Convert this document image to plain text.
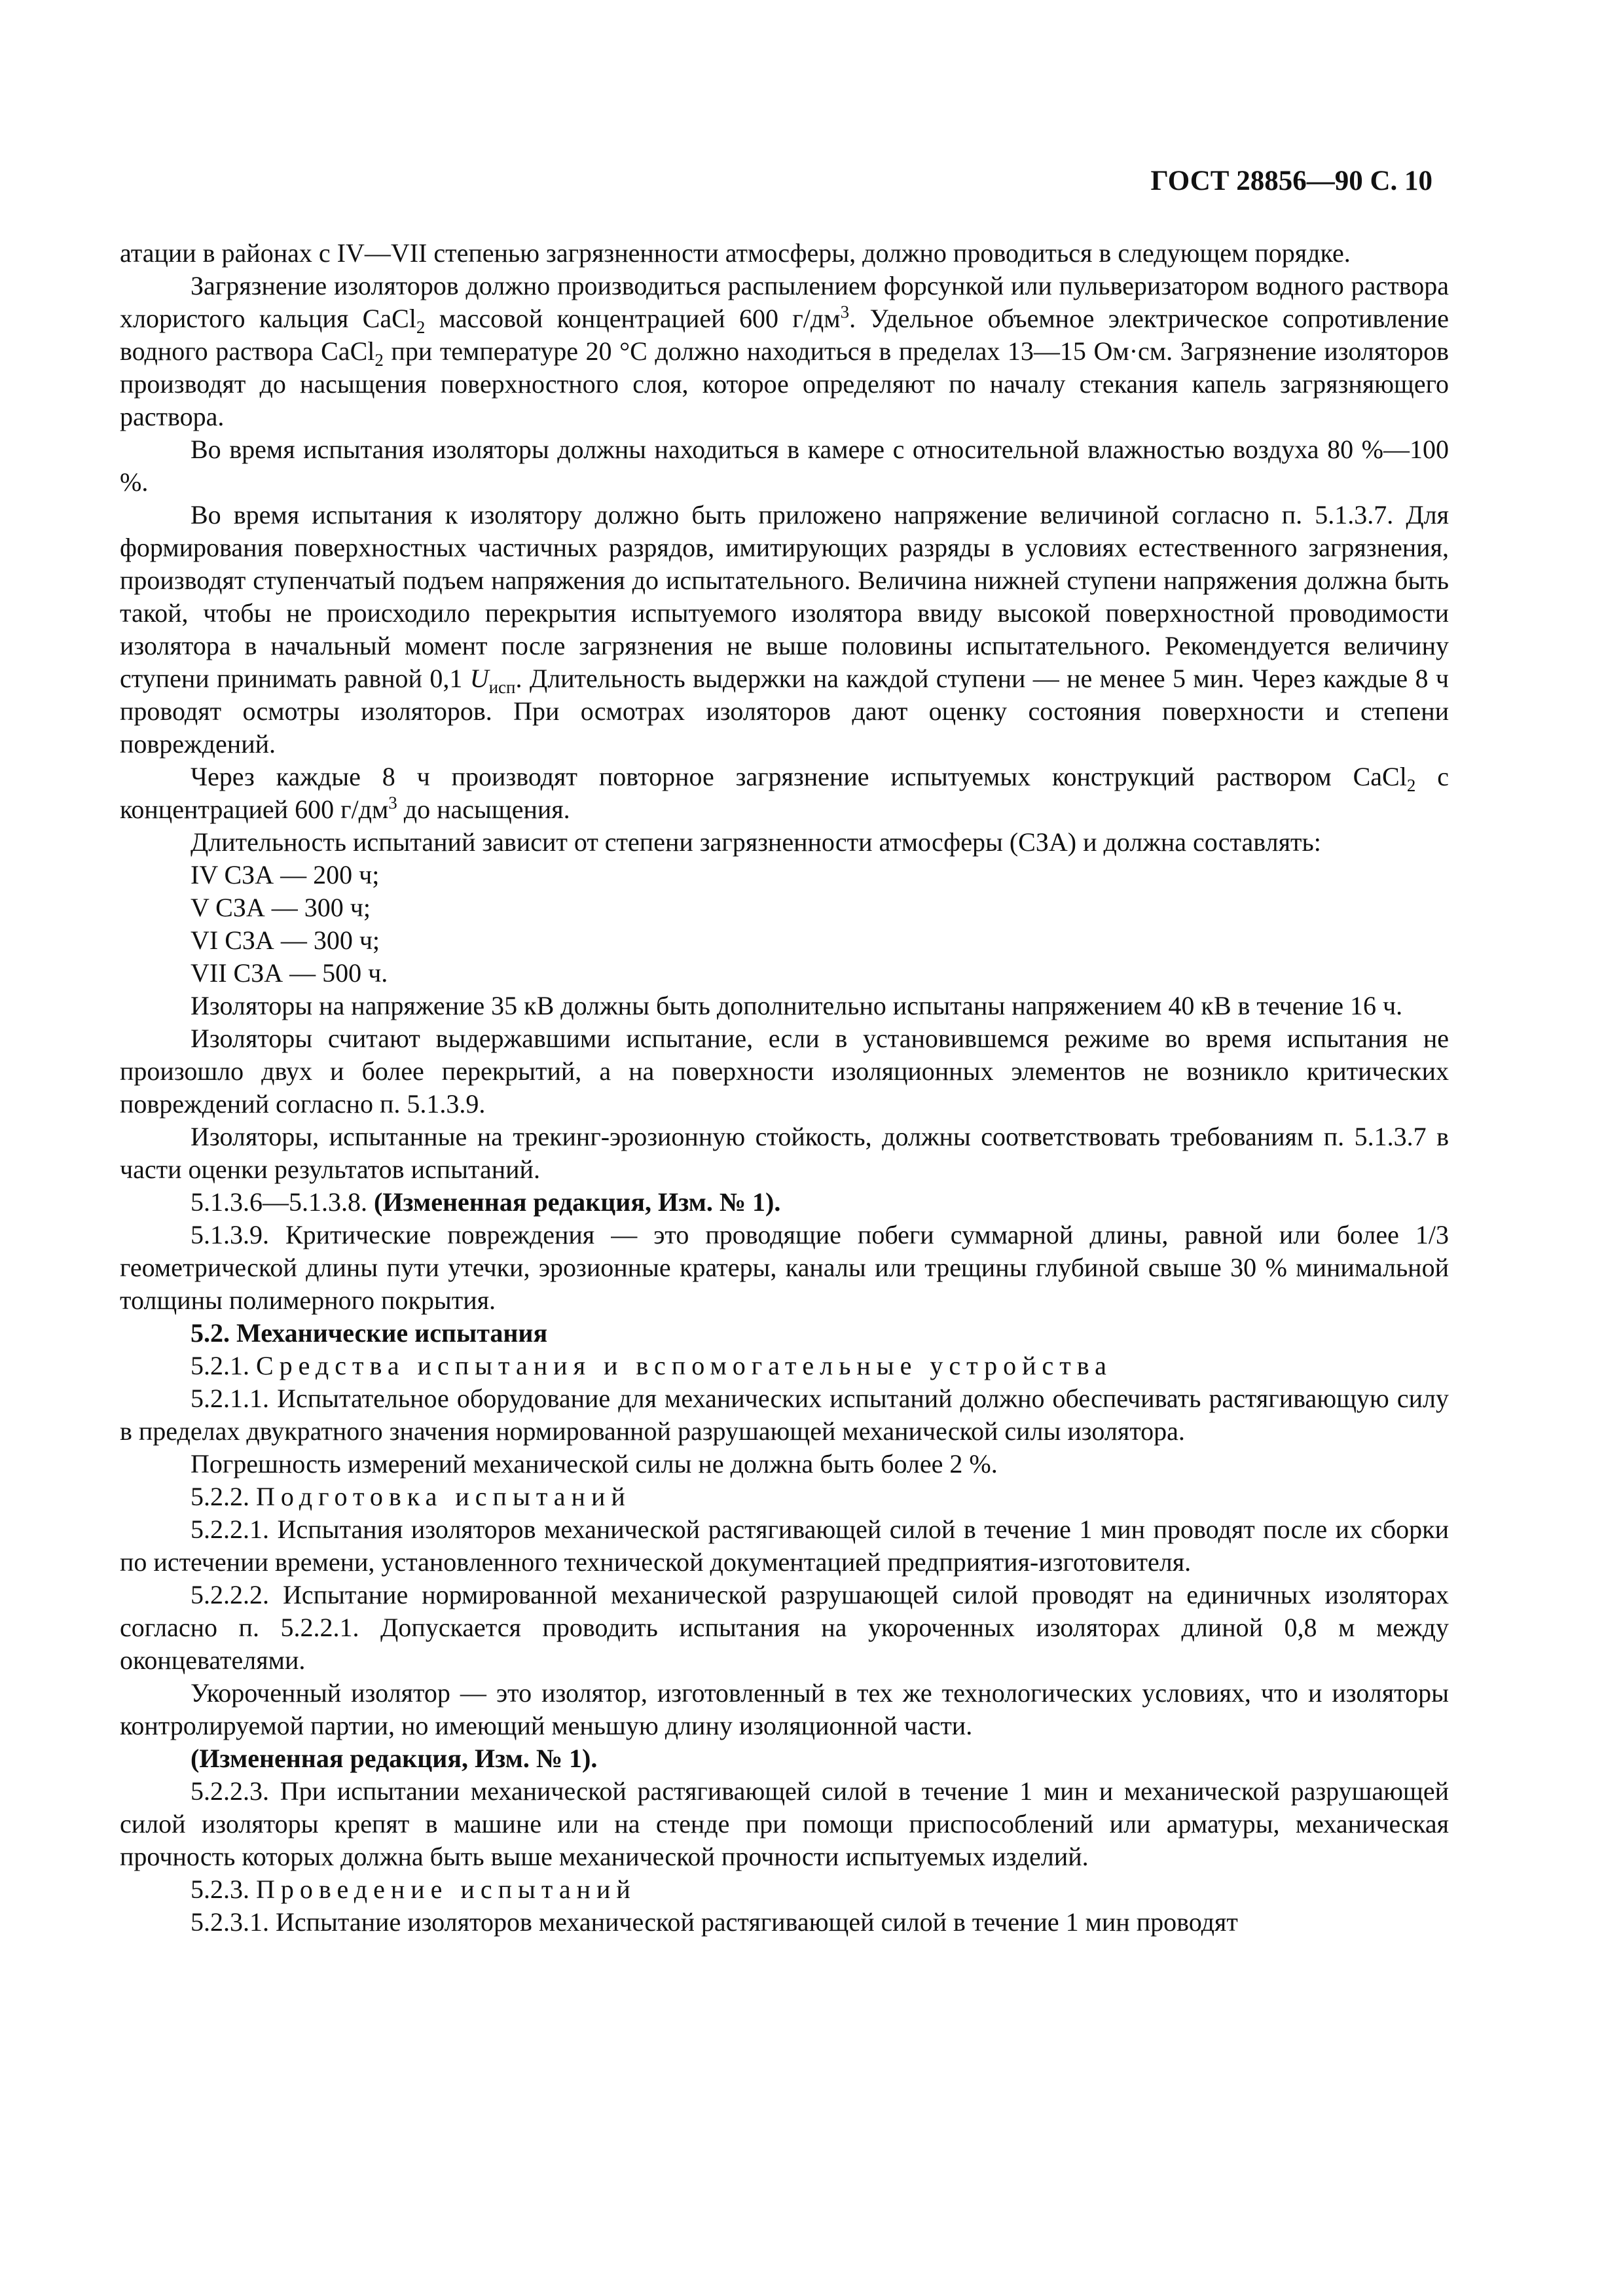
ГОСТ 28856—90 С. 10

атации в районах с IV—VII степенью загрязненности атмосферы, должно проводиться в следующем порядке.

Загрязнение изоляторов должно производиться распылением форсункой или пульверизатором водного раствора хлористого кальция CaCl$_2$ массовой концентрацией 600 $г/дм^3$. Удельное объемное электрическое сопротивление водного раствора CaCl$_2$ при температуре 20 °С должно находиться в пределах 13—15 Ом·см. Загрязнение изоляторов производят до насыщения поверхностного слоя, которое определяют по началу стекания капель загрязняющего раствора.

Во время испытания изоляторы должны находиться в камере с относительной влажностью воздуха 80 %—100 %.

Во время испытания к изолятору должно быть приложено напряжение величиной согласно п. 5.1.3.7. Для формирования поверхностных частичных разрядов, имитирующих разряды в условиях естественного загрязнения, производят ступенчатый подъем напряжения до испытательного. Величина нижней ступени напряжения должна быть такой, чтобы не происходило перекрытия испытуемого изолятора ввиду высокой поверхностной проводимости изолятора в начальный момент после загрязнения не выше половины испытательного. Рекомендуется величину ступени принимать равной 0,1 $U_{исп}$. Длительность выдержки на каждой ступени — не менее 5 мин. Через каждые 8 ч проводят осмотры изоляторов. При осмотрах изоляторов дают оценку состояния поверхности и степени повреждений.

Через каждые 8 ч производят повторное загрязнение испытуемых конструкций раствором CaCl$_2$ с концентрацией 600 $г/дм^3$ до насыщения.

Длительность испытаний зависит от степени загрязненности атмосферы (СЗА) и должна составлять:

IV СЗА — 200 ч;

V СЗА — 300 ч;

VI СЗА — 300 ч;

VII СЗА — 500 ч.

Изоляторы на напряжение 35 кВ должны быть дополнительно испытаны напряжением 40 кВ в течение 16 ч.

Изоляторы считают выдержавшими испытание, если в установившемся режиме во время испытания не произошло двух и более перекрытий, а на поверхности изоляционных элементов не возникло критических повреждений согласно п. 5.1.3.9.

Изоляторы, испытанные на трекинг-эрозионную стойкость, должны соответствовать требованиям п. 5.1.3.7 в части оценки результатов испытаний.

5.1.3.6—5.1.3.8. (Измененная редакция, Изм. № 1).

5.1.3.9. Критические повреждения — это проводящие побеги суммарной длины, равной или более 1/3 геометрической длины пути утечки, эрозионные кратеры, каналы или трещины глубиной свыше 30 % минимальной толщины полимерного покрытия.

5.2. Механические испытания

5.2.1. Средства испытания и вспомогательные устройства

5.2.1.1. Испытательное оборудование для механических испытаний должно обеспечивать растягивающую силу в пределах двукратного значения нормированной разрушающей механической силы изолятора.

Погрешность измерений механической силы не должна быть более 2 %.

5.2.2. Подготовка испытаний

5.2.2.1. Испытания изоляторов механической растягивающей силой в течение 1 мин проводят после их сборки по истечении времени, установленного технической документацией предприятия-изготовителя.

5.2.2.2. Испытание нормированной механической разрушающей силой проводят на единичных изоляторах согласно п. 5.2.2.1. Допускается проводить испытания на укороченных изоляторах длиной 0,8 м между оконцевателями.

Укороченный изолятор — это изолятор, изготовленный в тех же технологических условиях, что и изоляторы контролируемой партии, но имеющий меньшую длину изоляционной части.

(Измененная редакция, Изм. № 1).

5.2.2.3. При испытании механической растягивающей силой в течение 1 мин и механической разрушающей силой изоляторы крепят в машине или на стенде при помощи приспособлений или арматуры, механическая прочность которых должна быть выше механической прочности испытуемых изделий.

5.2.3. Проведение испытаний

5.2.3.1. Испытание изоляторов механической растягивающей силой в течение 1 мин проводят
